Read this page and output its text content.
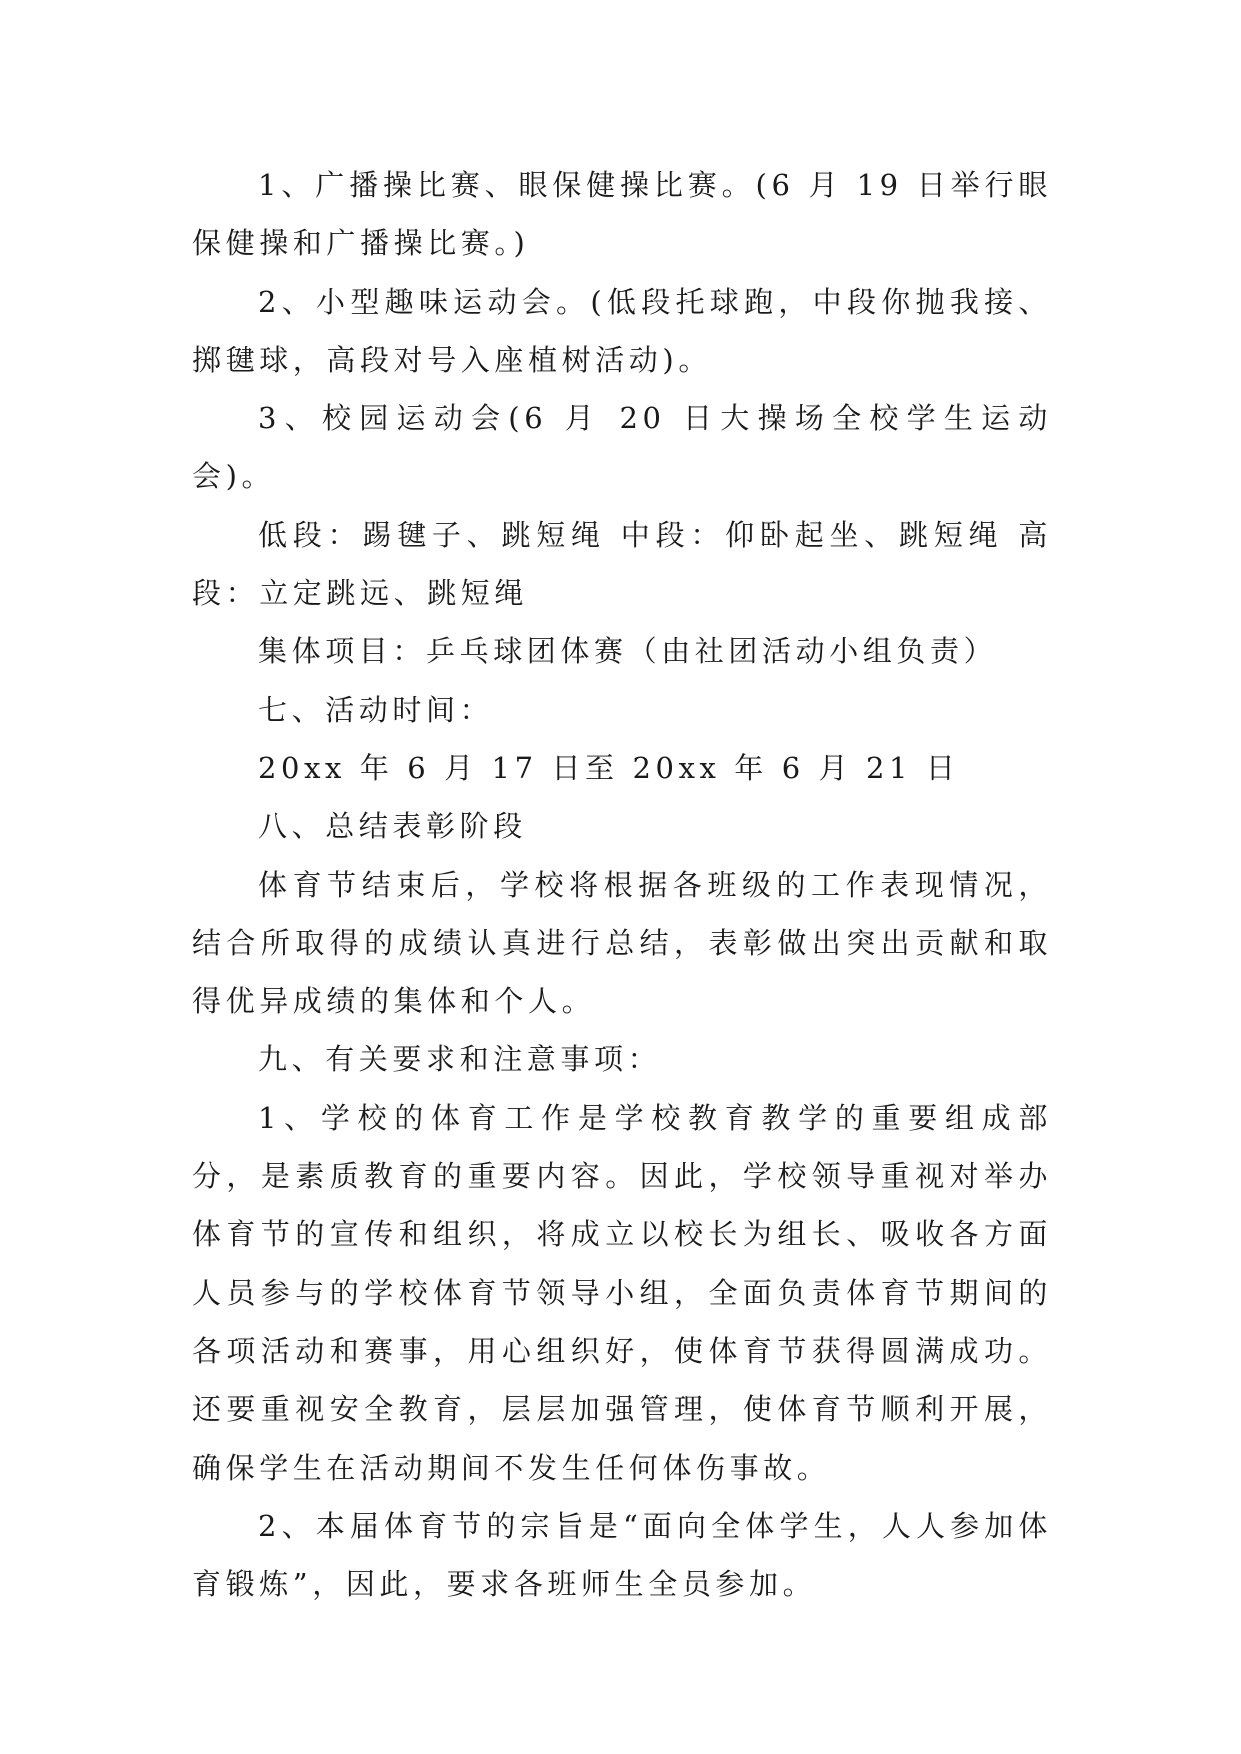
1、广播操比赛、眼保健操比赛。(6 月 19 日举行眼保健操和广播操比赛。)

2、小型趣味运动会。(低段托球跑，中段你抛我接、掷毽球，高段对号入座植树活动)。

3、校园运动会(6 月 20 日大操场全校学生运动会)。

低段：踢毽子、跳短绳 中段：仰卧起坐、跳短绳 高段：立定跳远、跳短绳

集体项目：乒乓球团体赛（由社团活动小组负责）

七、活动时间：

20xx 年 6 月 17 日至 20xx 年 6 月 21 日

八、总结表彰阶段

体育节结束后，学校将根据各班级的工作表现情况，结合所取得的成绩认真进行总结，表彰做出突出贡献和取得优异成绩的集体和个人。

九、有关要求和注意事项：

1、学校的体育工作是学校教育教学的重要组成部分，是素质教育的重要内容。因此，学校领导重视对举办体育节的宣传和组织，将成立以校长为组长、吸收各方面人员参与的学校体育节领导小组，全面负责体育节期间的各项活动和赛事，用心组织好，使体育节获得圆满成功。还要重视安全教育，层层加强管理，使体育节顺利开展，确保学生在活动期间不发生任何体伤事故。

2、本届体育节的宗旨是“面向全体学生，人人参加体育锻炼”，因此，要求各班师生全员参加。
